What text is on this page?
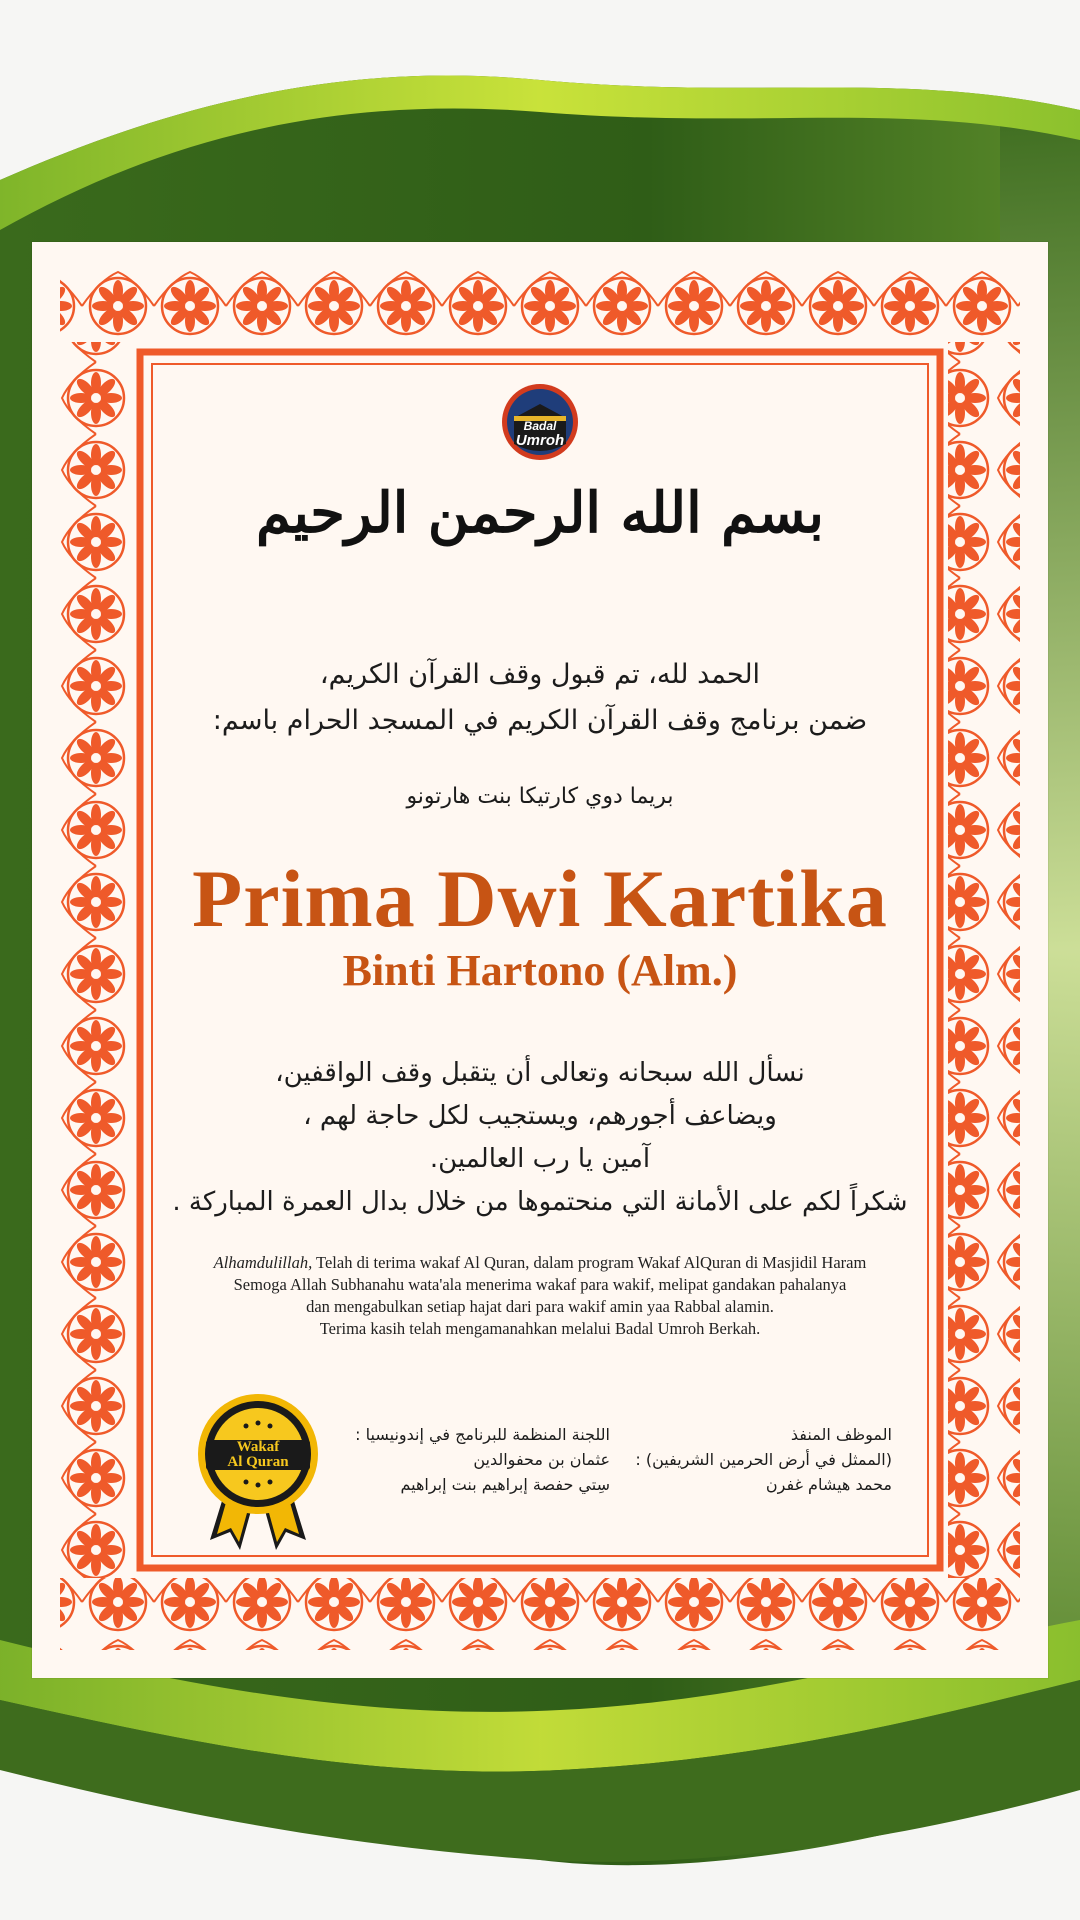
Badal
Umroh
بسم الله الرحمن الرحيم
الحمد لله، تم قبول وقف القرآن الكريم،
ضمن برنامج وقف القرآن الكريم في المسجد الحرام باسم:
بريما دوي كارتيكا بنت هارتونو
Prima Dwi Kartika
Binti Hartono (Alm.)
نسأل الله سبحانه وتعالى أن يتقبل وقف الواقفين،
ويضاعف أجورهم، ويستجيب لكل حاجة لهم ،
آمين يا رب العالمين.
شكراً لكم على الأمانة التي منحتموها من خلال بدال العمرة المباركة .
Alhamdulillah, Telah di terima wakaf Al Quran, dalam program Wakaf AlQuran di Masjidil Haram
Semoga Allah Subhanahu wata'ala menerima wakaf para wakif, melipat gandakan pahalanya
dan mengabulkan setiap hajat dari para wakif amin yaa Rabbal alamin.
Terima kasih telah mengamanahkan melalui Badal Umroh Berkah.
Wakaf
Al Quran
اللجنة المنظمة للبرنامج في إندونيسيا :
عثمان بن محفوالدين
سِتي حفصة إبراهيم بنت إبراهيم
الموظف المنفذ
(الممثل في أرض الحرمين الشريفين) :
محمد هيشام غفرن
